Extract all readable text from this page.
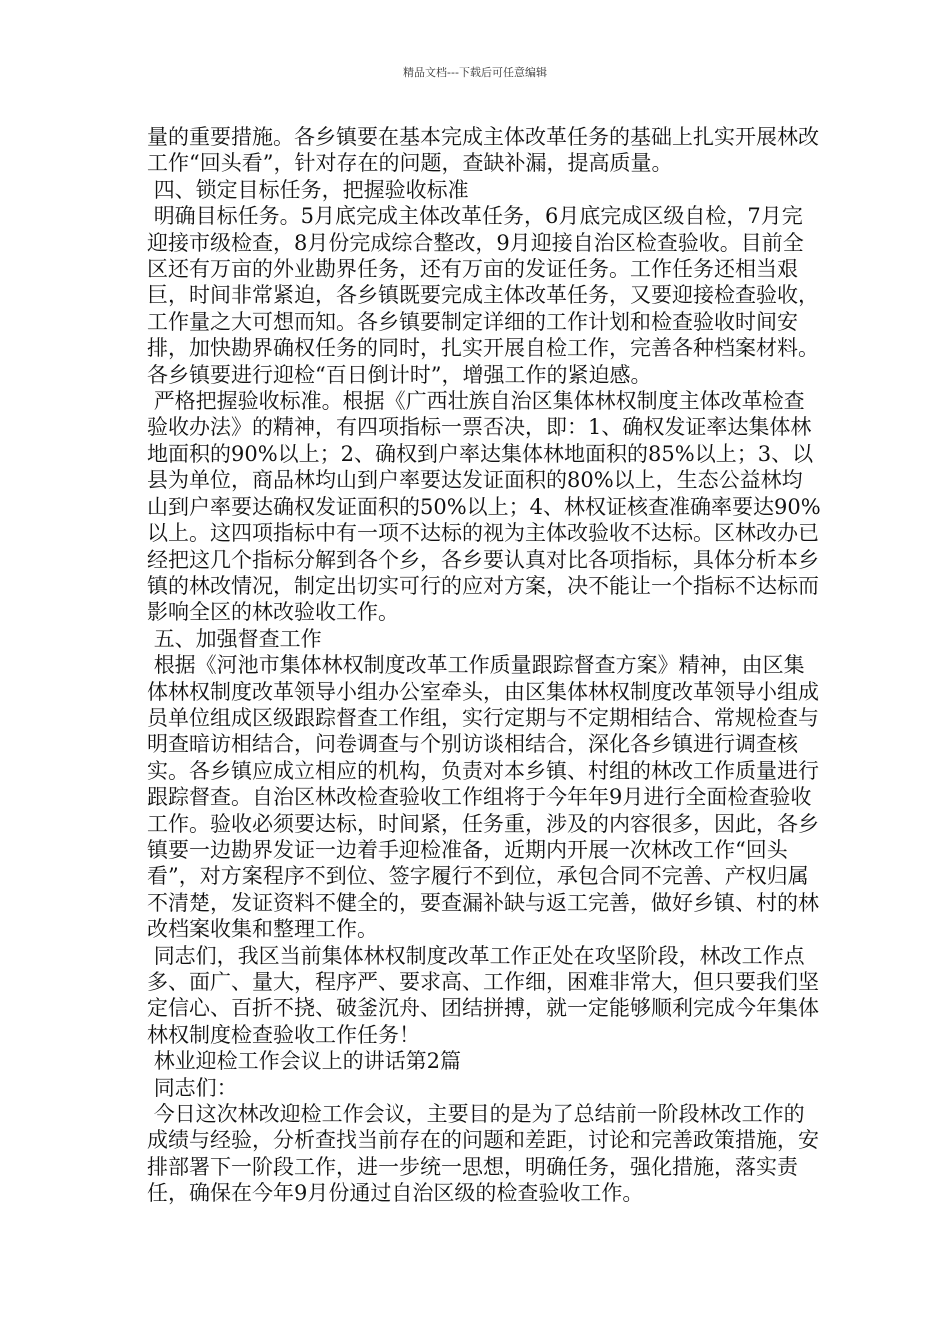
精品文档---下载后可任意编辑

量的重要措施。各乡镇要在基本完成主体改革任务的基础上扎实开展林改工作“回头看”，针对存在的问题，查缺补漏，提高质量。

四、锁定目标任务，把握验收标准

明确目标任务。5月底完成主体改革任务，6月底完成区级自检，7月完迎接市级检查，8月份完成综合整改，9月迎接自治区检查验收。目前全区还有万亩的外业勘界任务，还有万亩的发证任务。工作任务还相当艰巨，时间非常紧迫，各乡镇既要完成主体改革任务，又要迎接检查验收，工作量之大可想而知。各乡镇要制定详细的工作计划和检查验收时间安排，加快勘界确权任务的同时，扎实开展自检工作，完善各种档案材料。各乡镇要进行迎检“百日倒计时”，增强工作的紧迫感。

严格把握验收标准。根据《广西壮族自治区集体林权制度主体改革检查验收办法》的精神，有四项指标一票否决，即：1、确权发证率达集体林地面积的90%以上；2、确权到户率达集体林地面积的85%以上；3、以县为单位，商品林均山到户率要达发证面积的80%以上，生态公益林均山到户率要达确权发证面积的50%以上；4、林权证核查准确率要达90%以上。这四项指标中有一项不达标的视为主体改验收不达标。区林改办已经把这几个指标分解到各个乡，各乡要认真对比各项指标，具体分析本乡镇的林改情况，制定出切实可行的应对方案，决不能让一个指标不达标而影响全区的林改验收工作。

五、加强督查工作

根据《河池市集体林权制度改革工作质量跟踪督查方案》精神，由区集体林权制度改革领导小组办公室牵头，由区集体林权制度改革领导小组成员单位组成区级跟踪督查工作组，实行定期与不定期相结合、常规检查与明查暗访相结合，问卷调查与个别访谈相结合，深化各乡镇进行调查核实。各乡镇应成立相应的机构，负责对本乡镇、村组的林改工作质量进行跟踪督查。自治区林改检查验收工作组将于今年年9月进行全面检查验收工作。验收必须要达标，时间紧，任务重，涉及的内容很多，因此，各乡镇要一边勘界发证一边着手迎检准备，近期内开展一次林改工作“回头看”，对方案程序不到位、签字履行不到位，承包合同不完善、产权归属不清楚，发证资料不健全的，要查漏补缺与返工完善，做好乡镇、村的林改档案收集和整理工作。

同志们，我区当前集体林权制度改革工作正处在攻坚阶段，林改工作点多、面广、量大，程序严、要求高、工作细，困难非常大，但只要我们坚定信心、百折不挠、破釜沉舟、团结拼搏，就一定能够顺利完成今年集体林权制度检查验收工作任务！

林业迎检工作会议上的讲话第2篇

同志们：

今日这次林改迎检工作会议，主要目的是为了总结前一阶段林改工作的成绩与经验，分析查找当前存在的问题和差距，讨论和完善政策措施，安排部署下一阶段工作，进一步统一思想，明确任务，强化措施，落实责任，确保在今年9月份通过自治区级的检查验收工作。
